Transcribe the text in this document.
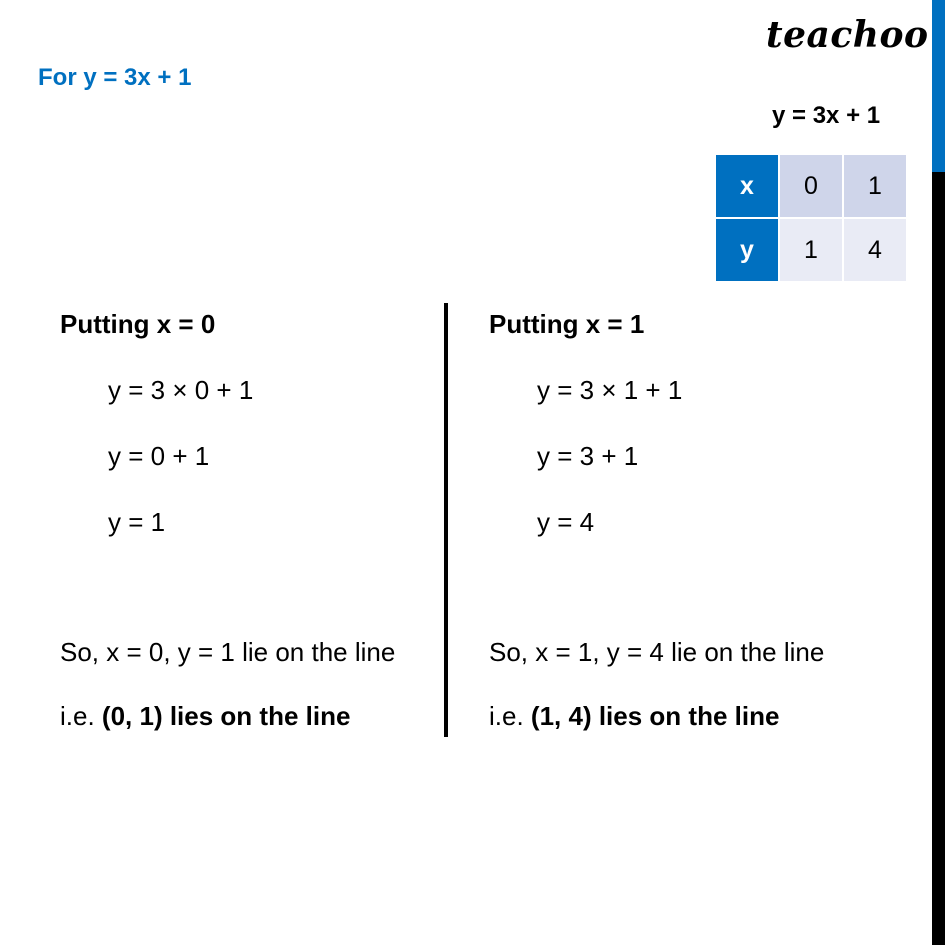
teachoo
For y = 3x + 1
y = 3x + 1
x	0	1
y	1	4
Putting x = 0
y = 3 × 0 + 1
y = 0 + 1
y = 1
So, x = 0, y = 1 lie on the line
i.e. (0, 1) lies on the line
Putting x = 1
y = 3 × 1 + 1
y = 3 + 1
y = 4
So, x = 1, y = 4 lie on the line
i.e. (1, 4) lies on the line
